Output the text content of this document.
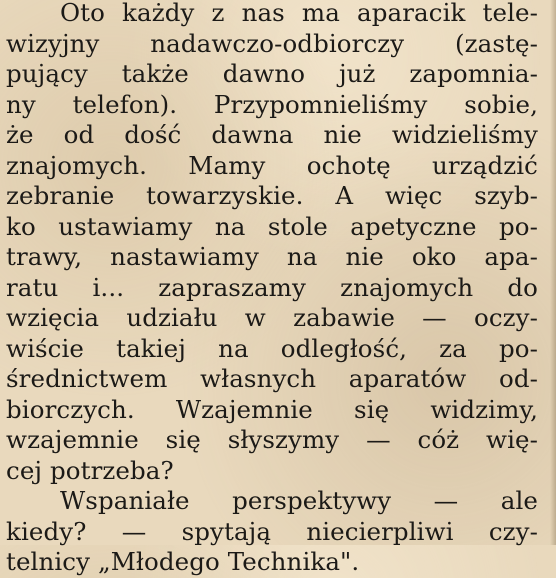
Oto każdy z nas ma aparacik tele-
wizyjny nadawczo-odbiorczy (zastę-
pujący także dawno już zapomnia-
ny telefon). Przypomnieliśmy sobie,
że od dość dawna nie widzieliśmy
znajomych. Mamy ochotę urządzić
zebranie towarzyskie. A więc szyb-
ko ustawiamy na stole apetyczne po-
trawy, nastawiamy na nie oko apa-
ratu i... zapraszamy znajomych do
wzięcia udziału w zabawie — oczy-
wiście takiej na odległość, za po-
średnictwem własnych aparatów od-
biorczych. Wzajemnie się widzimy,
wzajemnie się słyszymy — cóż wię-
cej potrzeba?
Wspaniałe perspektywy — ale
kiedy? — spytają niecierpliwi czy-
telnicy „Młodego Technika".
